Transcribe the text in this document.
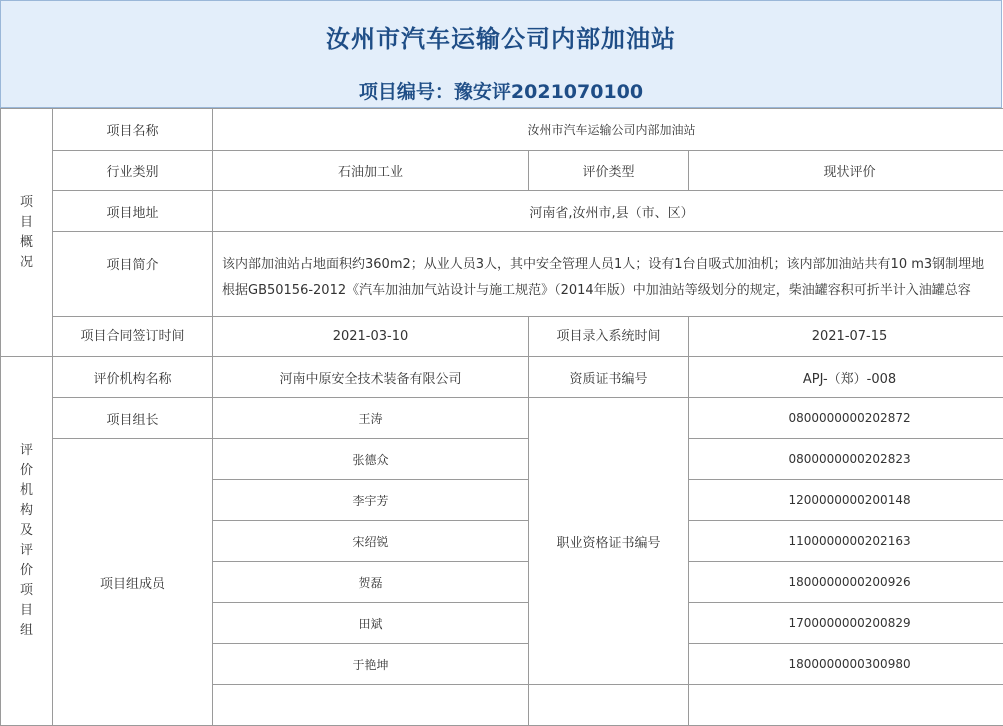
汝州市汽车运输公司内部加油站
项目编号：豫安评2021070100
项目概况	项目名称	汝州市汽车运输公司内部加油站		
	行业类别	石油加工业	评价类型	现状评价
	项目地址	河南省,汝州市,县（市、区）		
	项目简介	该内部加油站占地面积约360m2；从业人员3人，其中安全管理人员1人；设有1台自吸式加油机；该内部加油站共有10 m3钢制埋地
根据GB50156-2012《汽车加油加气站设计与施工规范》（2014年版）中加油站等级划分的规定，柴油罐容积可折半计入油罐总容		

	项目合同签订时间	2021-03-10	项目录入系统时间	2021-07-15
评价机构及评价项目组	评价机构名称	河南中原安全技术装备有限公司	资质证书编号	APJ-（郑）-008
	项目组长	王涛	职业资格证书编号	0800000000202872
	项目组成员	张德众		0800000000202823
		李宇芳		1200000000200148
		宋绍锐		1100000000202163
		贺磊		1800000000200926
		田斌		1700000000200829
		于艳坤		1800000000300980
